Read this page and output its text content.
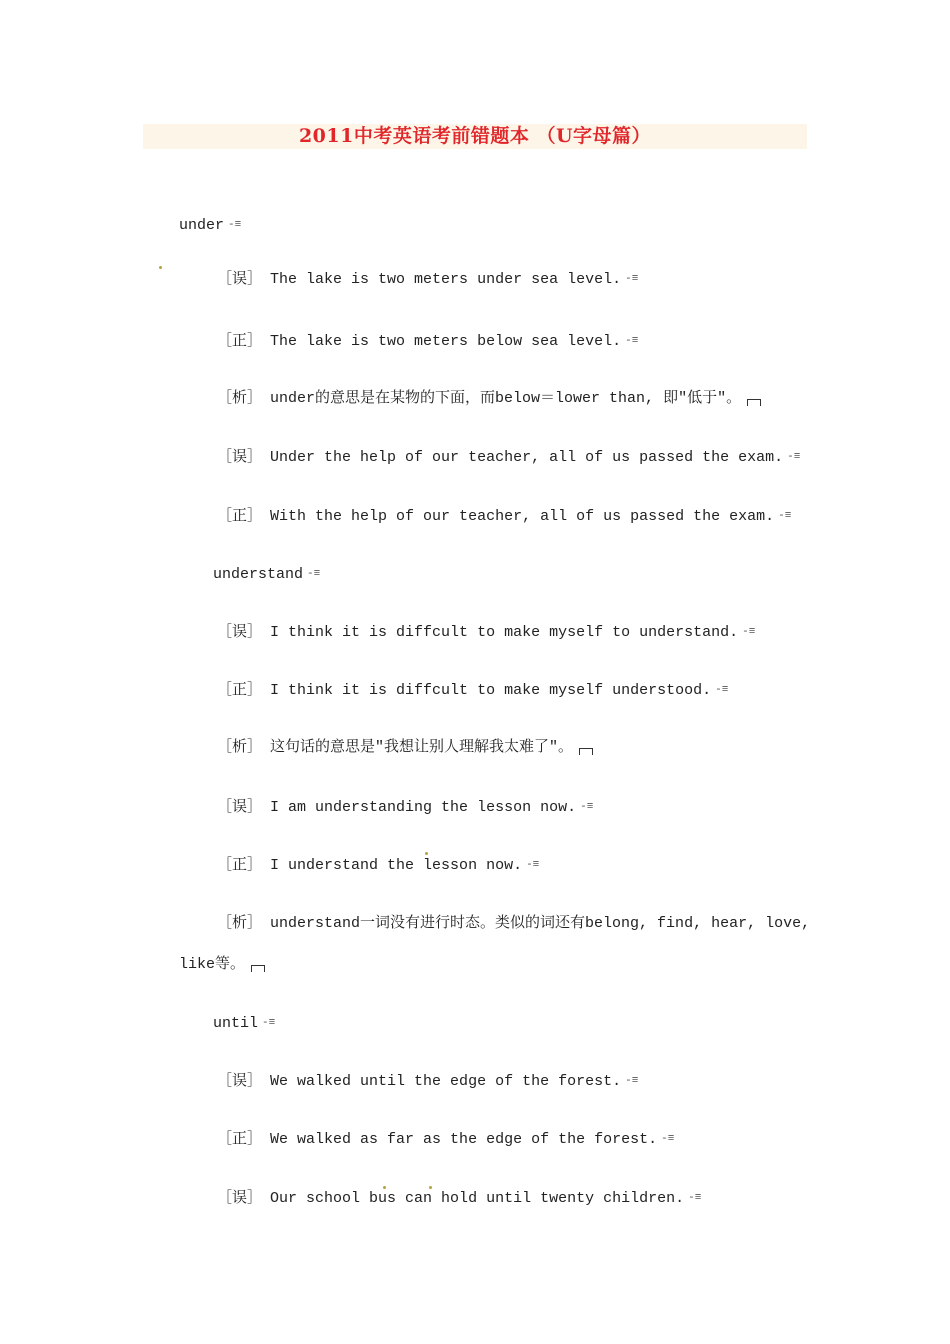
2011中考英语考前错题本 （U字母篇）

under -≡

［误］ The lake is two meters under sea level. -≡

［正］ The lake is two meters below sea level. -≡

［析］ under的意思是在某物的下面，而below＝lower than, 即"低于"。

［误］ Under the help of our teacher, all of us passed the exam. -≡

［正］ With the help of our teacher, all of us passed the exam. -≡

understand -≡

［误］ I think it is diffcult to make myself to understand. -≡

［正］ I think it is diffcult to make myself understood. -≡

［析］ 这句话的意思是"我想让别人理解我太难了"。

［误］ I am understanding the lesson now. -≡

［正］ I understand the lesson now. -≡

［析］ understand一词没有进行时态。类似的词还有belong, find, hear, love,

like等。

until -≡

［误］ We walked until the edge of the forest. -≡

［正］ We walked as far as the edge of the forest. -≡

［误］ Our school bus can hold until twenty children. -≡
